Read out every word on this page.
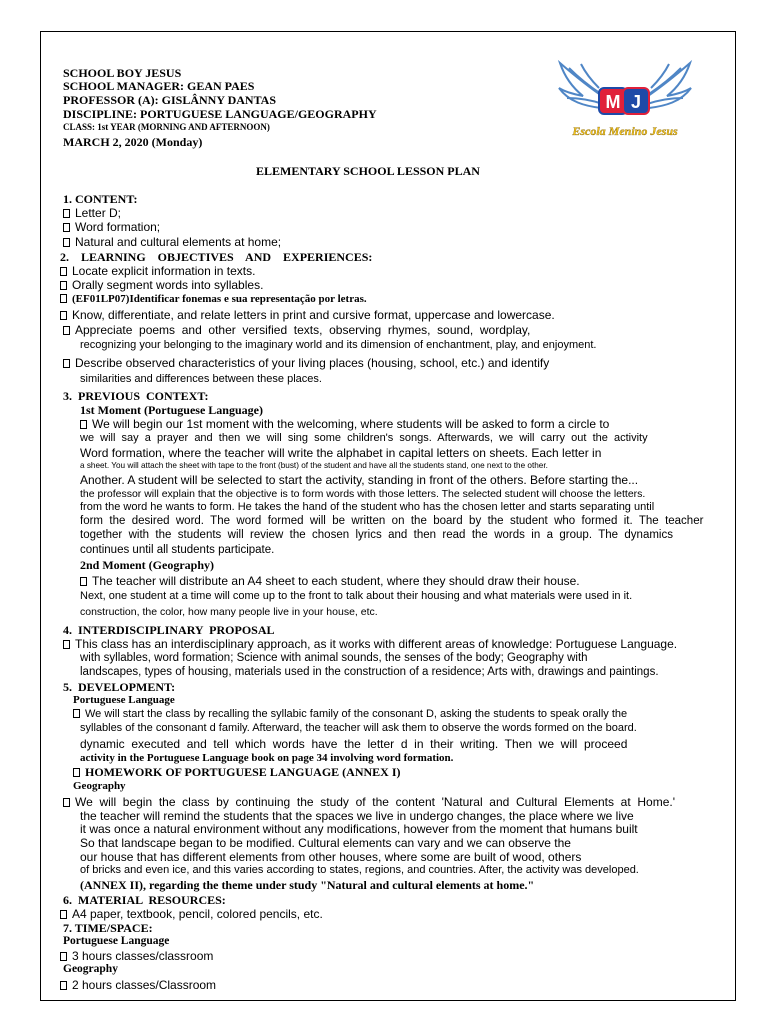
SCHOOL BOY JESUS
SCHOOL MANAGER: GEAN PAES
PROFESSOR (A): GISLÂNNY DANTAS
DISCIPLINE: PORTUGUESE LANGUAGE/GEOGRAPHY
CLASS: 1st YEAR (MORNING AND AFTERNOON)
MARCH 2, 2020 (Monday)
M J
Escola Menino Jesus
ELEMENTARY SCHOOL LESSON PLAN
1. CONTENT:
Letter D;
Word formation;
Natural and cultural elements at home;
2.    LEARNING    OBJECTIVES    AND    EXPERIENCES:
Locate explicit information in texts.
Orally segment words into syllables.
(EF01LP07)Identificar fonemas e sua representação por letras.
Know, differentiate, and relate letters in print and cursive format, uppercase and lowercase.
Appreciate  poems  and  other  versified  texts,  observing  rhymes,  sound,  wordplay,
recognizing your belonging to the imaginary world and its dimension of enchantment, play, and enjoyment.
Describe observed characteristics of your living places (housing, school, etc.) and identify
similarities and differences between these places.
3.  PREVIOUS  CONTEXT:
1st Moment (Portuguese Language)
We will begin our 1st moment with the welcoming, where students will be asked to form a circle to
we  will  say  a  prayer  and  then  we  will  sing  some  children's  songs.  Afterwards,  we  will  carry  out  the  activity
Word formation, where the teacher will write the alphabet in capital letters on sheets. Each letter in
a sheet. You will attach the sheet with tape to the front (bust) of the student and have all the students stand, one next to the other.
Another. A student will be selected to start the activity, standing in front of the others. Before starting the...
the professor will explain that the objective is to form words with those letters. The selected student will choose the letters.
from the word he wants to form. He takes the hand of the student who has the chosen letter and starts separating until
form  the  desired  word.  The  word  formed  will  be  written  on  the  board  by  the  student  who  formed  it.  The  teacher
together  with  the  students  will  review  the  chosen  lyrics  and  then  read  the  words  in  a  group.  The  dynamics
continues until all students participate.
2nd Moment (Geography)
The teacher will distribute an A4 sheet to each student, where they should draw their house.
Next, one student at a time will come up to the front to talk about their housing and what materials were used in it.
construction, the color, how many people live in your house, etc.
4.  INTERDISCIPLINARY  PROPOSAL
This class has an interdisciplinary approach, as it works with different areas of knowledge: Portuguese Language.
with syllables, word formation; Science with animal sounds, the senses of the body; Geography with
landscapes, types of housing, materials used in the construction of a residence; Arts with, drawings and paintings.
5.  DEVELOPMENT:
Portuguese Language
We will start the class by recalling the syllabic family of the consonant D, asking the students to speak orally the
syllables of the consonant d family. Afterward, the teacher will ask them to observe the words formed on the board.
dynamic  executed  and  tell  which  words  have  the  letter  d  in  their  writing.  Then  we  will  proceed
activity in the Portuguese Language book on page 34 involving word formation.
HOMEWORK OF PORTUGUESE LANGUAGE (ANNEX I)
Geography
We  will  begin  the  class  by  continuing  the  study  of  the  content  'Natural  and  Cultural  Elements  at  Home.'
the teacher will remind the students that the spaces we live in undergo changes, the place where we live
it was once a natural environment without any modifications, however from the moment that humans built
So that landscape began to be modified. Cultural elements can vary and we can observe the
our house that has different elements from other houses, where some are built of wood, others
of bricks and even ice, and this varies according to states, regions, and countries. After, the activity was developed.
(ANNEX II), regarding the theme under study "Natural and cultural elements at home."
6.  MATERIAL  RESOURCES:
A4 paper, textbook, pencil, colored pencils, etc.
7. TIME/SPACE:
Portuguese Language
3 hours classes/classroom
Geography
2 hours classes/Classroom
